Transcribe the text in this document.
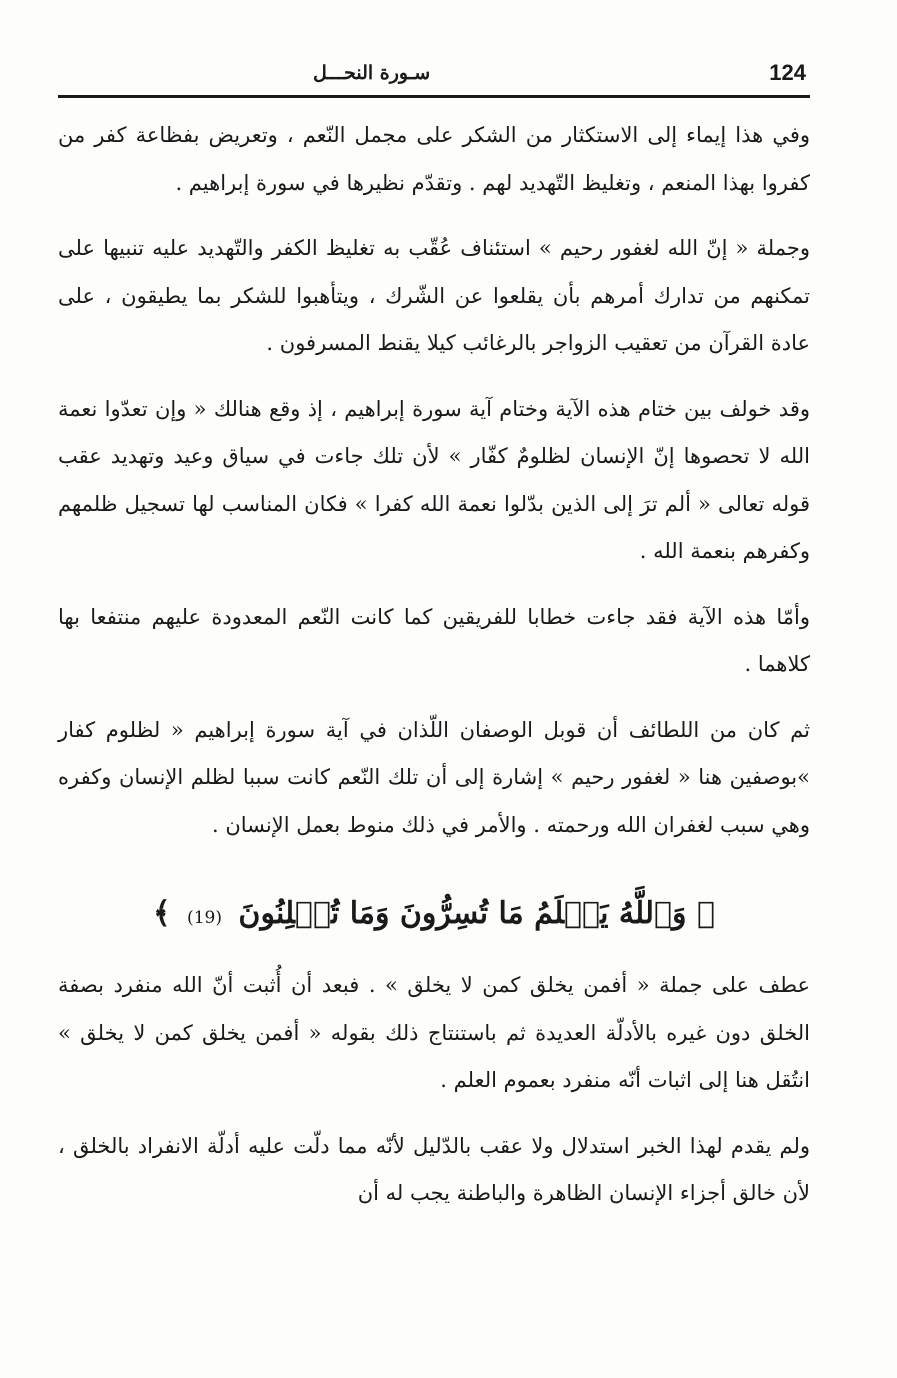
124
سـورة النحـــل

وفي هذا إيماء إلى الاستكثار من الشكر على مجمل النّعم ، وتعريض بفظاعة كفر من كفروا بهذا المنعم ، وتغليظ التّهديد لهم . وتقدّم نظيرها في سورة إبراهيم .

وجملة « إنّ الله لغفور رحيم » استئناف عُقّب به تغليظ الكفر والتّهديد عليه تنبيها على تمكنهم من تدارك أمرهم بأن يقلعوا عن الشّرك ، ويتأهبوا للشكر بما يطيقون ، على عادة القرآن من تعقيب الزواجر بالرغائب كيلا يقنط المسرفون .

وقد خولف بين ختام هذه الآية وختام آية سورة إبراهيم ، إذ وقع هنالك « وإن تعدّوا نعمة الله لا تحصوها إنّ الإنسان لظلومٌ كفّار » لأن تلك جاءت في سياق وعيد وتهديد عقب قوله تعالى « ألم ترَ إلى الذين بدّلوا نعمة الله كفرا » فكان المناسب لها تسجيل ظلمهم وكفرهم بنعمة الله .

وأمّا هذه الآية فقد جاءت خطابا للفريقين كما كانت النّعم المعدودة عليهم منتفعا بها كلاهما .

ثم كان من اللطائف أن قوبل الوصفان اللّذان في آية سورة إبراهيم « لظلوم كفار »بوصفين هنا « لغفور رحيم » إشارة إلى أن تلك النّعم كانت سببا لظلم الإنسان وكفره وهي سبب لغفران الله ورحمته . والأمر في ذلك منوط بعمل الإنسان .

﴿ وَٱللَّهُ يَعۡلَمُ مَا تُسِرُّونَ وَمَا تُعۡلِنُونَ (19) ﴾

عطف على جملة « أفمن يخلق كمن لا يخلق » . فبعد أن أُثبت أنّ الله منفرد بصفة الخلق دون غيره بالأدلّة العديدة ثم باستنتاج ذلك بقوله « أفمن يخلق كمن لا يخلق » انتُقل هنا إلى اثبات أنّه منفرد بعموم العلم .

ولم يقدم لهذا الخبر استدلال ولا عقب بالدّليل لأنّه مما دلّت عليه أدلّة الانفراد بالخلق ، لأن خالق أجزاء الإنسان الظاهرة والباطنة يجب له أن
